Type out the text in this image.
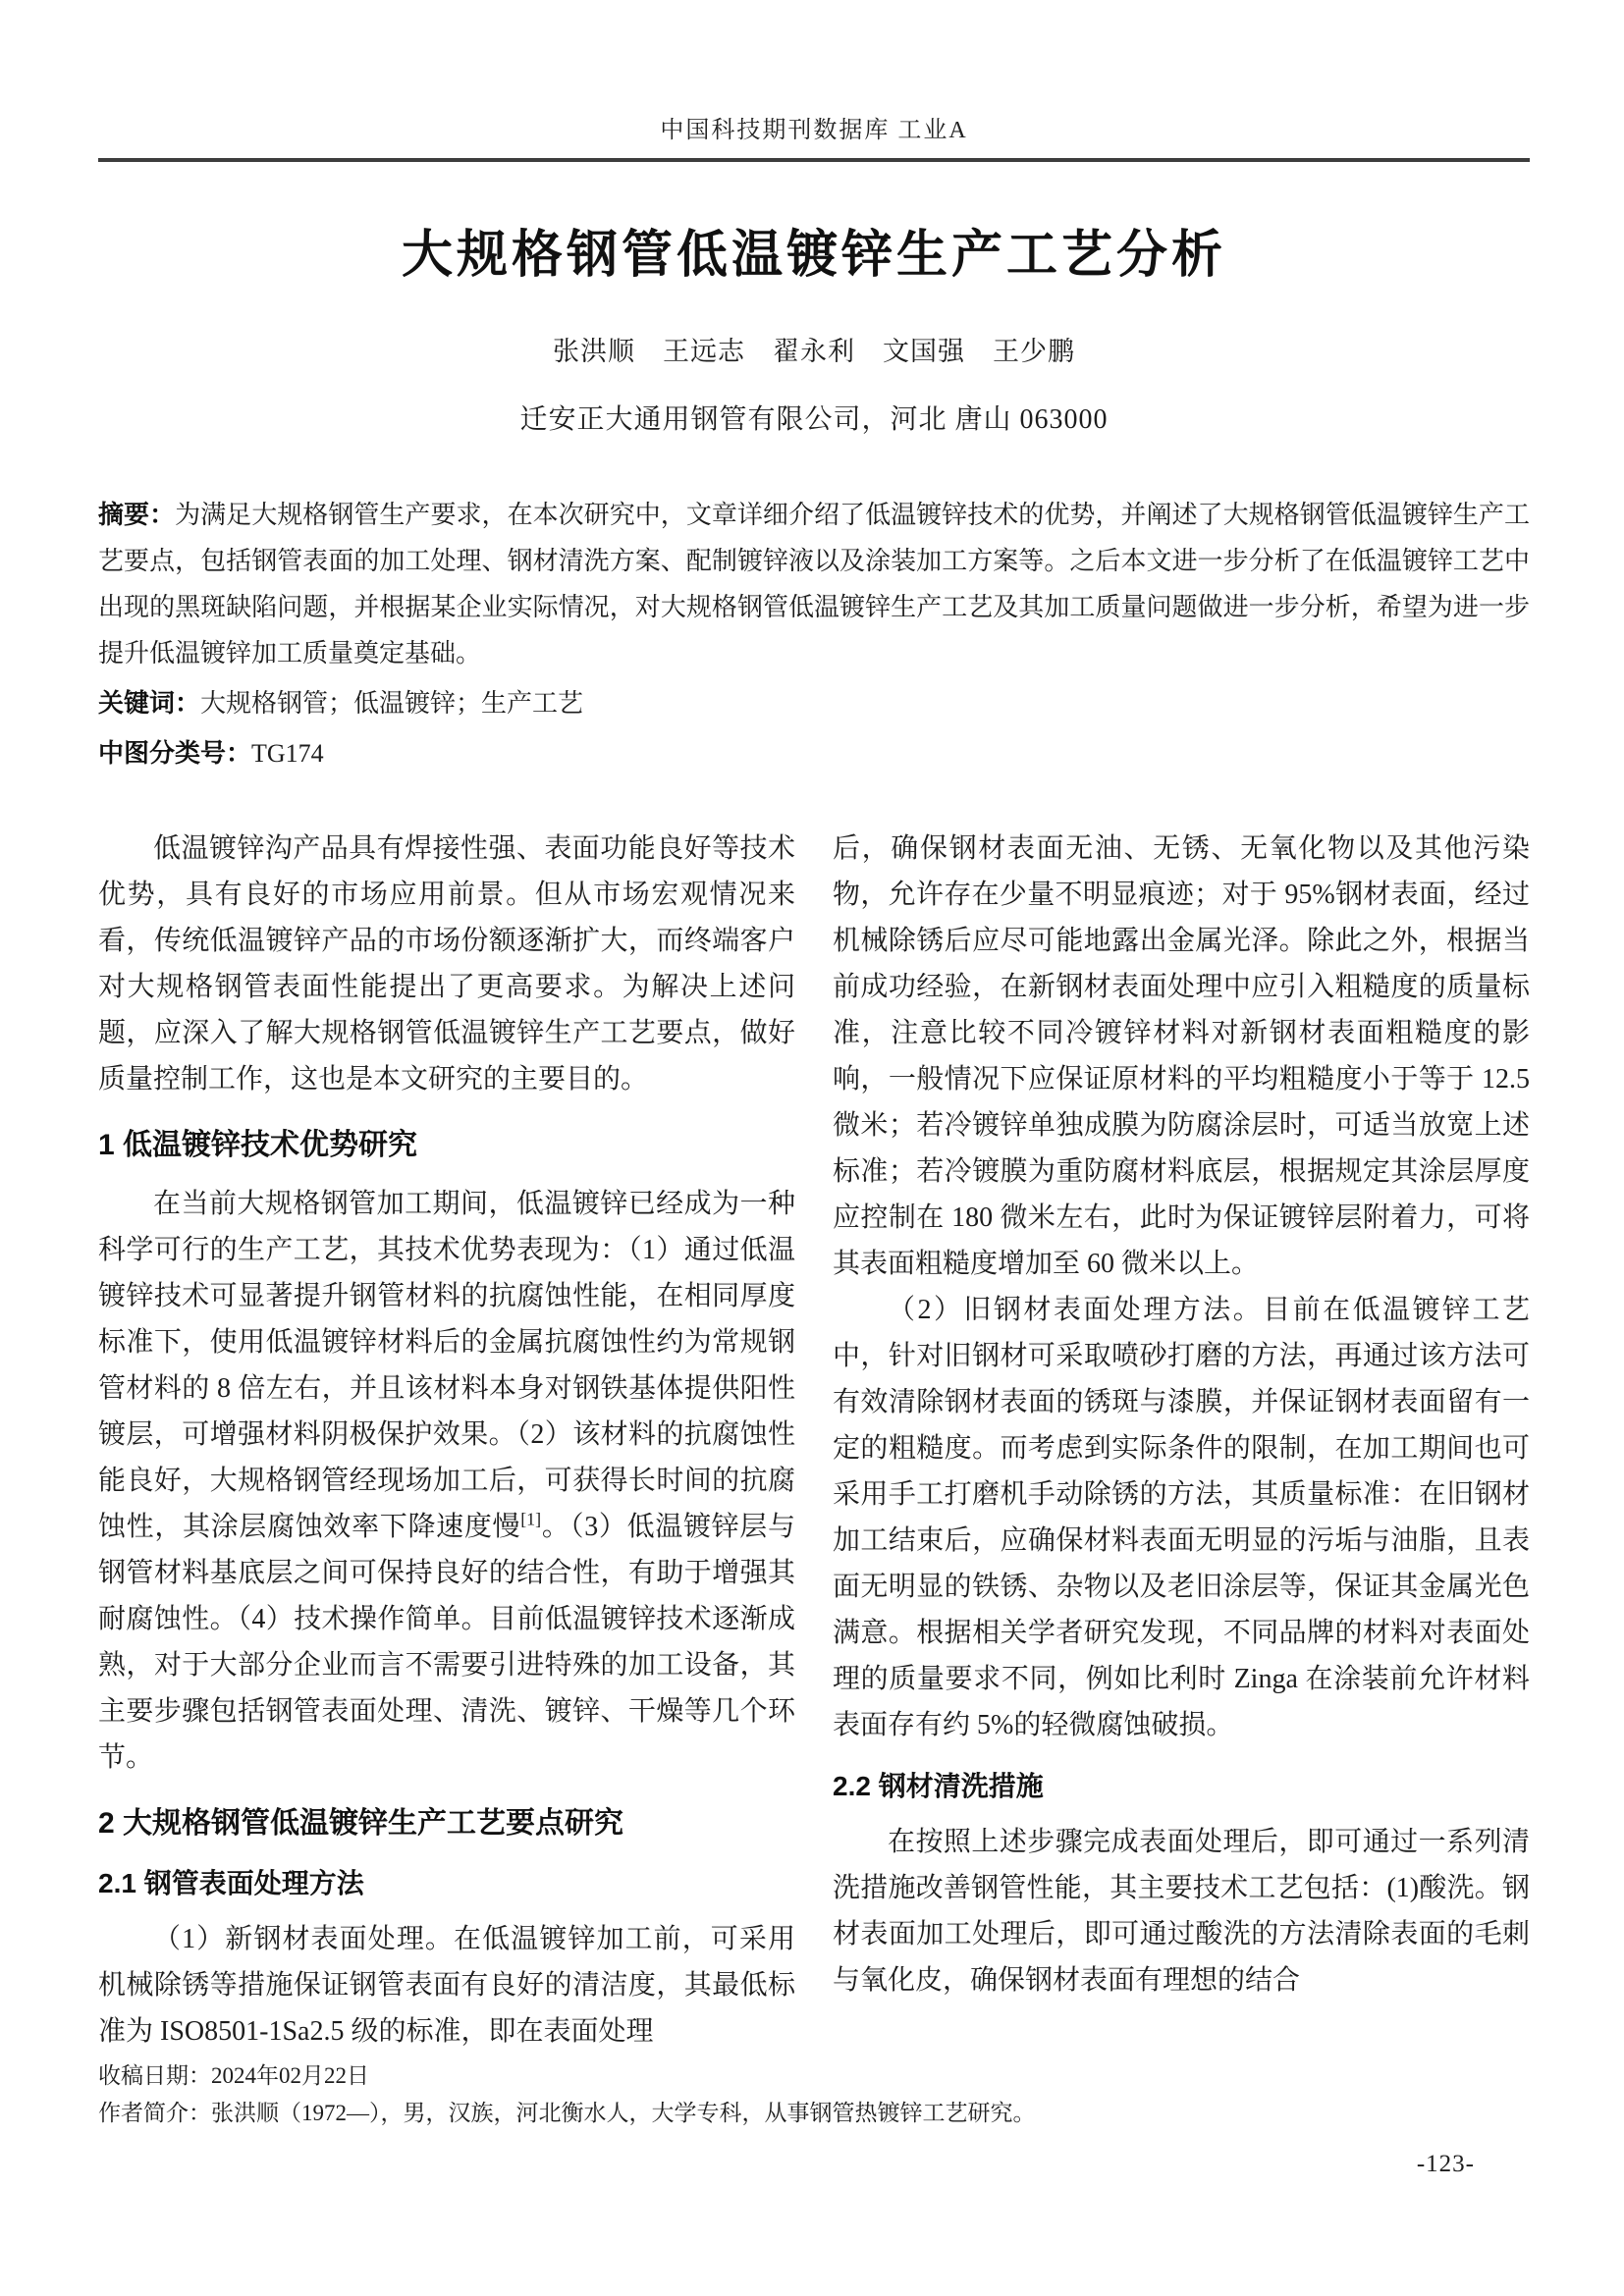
中国科技期刊数据库 工业A
大规格钢管低温镀锌生产工艺分析
张洪顺　王远志　翟永利　文国强　王少鹏
迁安正大通用钢管有限公司，河北 唐山 063000
摘要：为满足大规格钢管生产要求，在本次研究中，文章详细介绍了低温镀锌技术的优势，并阐述了大规格钢管低温镀锌生产工艺要点，包括钢管表面的加工处理、钢材清洗方案、配制镀锌液以及涂装加工方案等。之后本文进一步分析了在低温镀锌工艺中出现的黑斑缺陷问题，并根据某企业实际情况，对大规格钢管低温镀锌生产工艺及其加工质量问题做进一步分析，希望为进一步提升低温镀锌加工质量奠定基础。
关键词：大规格钢管；低温镀锌；生产工艺
中图分类号：TG174

低温镀锌沟产品具有焊接性强、表面功能良好等技术优势，具有良好的市场应用前景。但从市场宏观情况来看，传统低温镀锌产品的市场份额逐渐扩大，而终端客户对大规格钢管表面性能提出了更高要求。为解决上述问题，应深入了解大规格钢管低温镀锌生产工艺要点，做好质量控制工作，这也是本文研究的主要目的。

1 低温镀锌技术优势研究

在当前大规格钢管加工期间，低温镀锌已经成为一种科学可行的生产工艺，其技术优势表现为：（1）通过低温镀锌技术可显著提升钢管材料的抗腐蚀性能，在相同厚度标准下，使用低温镀锌材料后的金属抗腐蚀性约为常规钢管材料的 8 倍左右，并且该材料本身对钢铁基体提供阳性镀层，可增强材料阴极保护效果。（2）该材料的抗腐蚀性能良好，大规格钢管经现场加工后，可获得长时间的抗腐蚀性，其涂层腐蚀效率下降速度慢[1]。（3）低温镀锌层与钢管材料基底层之间可保持良好的结合性，有助于增强其耐腐蚀性。（4）技术操作简单。目前低温镀锌技术逐渐成熟，对于大部分企业而言不需要引进特殊的加工设备，其主要步骤包括钢管表面处理、清洗、镀锌、干燥等几个环节。

2 大规格钢管低温镀锌生产工艺要点研究
2.1 钢管表面处理方法

（1）新钢材表面处理。在低温镀锌加工前，可采用机械除锈等措施保证钢管表面有良好的清洁度，其最低标准为 ISO8501-1Sa2.5 级的标准，即在表面处理

后，确保钢材表面无油、无锈、无氧化物以及其他污染物，允许存在少量不明显痕迹；对于 95%钢材表面，经过机械除锈后应尽可能地露出金属光泽。除此之外，根据当前成功经验，在新钢材表面处理中应引入粗糙度的质量标准，注意比较不同冷镀锌材料对新钢材表面粗糙度的影响，一般情况下应保证原材料的平均粗糙度小于等于 12.5 微米；若冷镀锌单独成膜为防腐涂层时，可适当放宽上述标准；若冷镀膜为重防腐材料底层，根据规定其涂层厚度应控制在 180 微米左右，此时为保证镀锌层附着力，可将其表面粗糙度增加至 60 微米以上。

（2）旧钢材表面处理方法。目前在低温镀锌工艺中，针对旧钢材可采取喷砂打磨的方法，再通过该方法可有效清除钢材表面的锈斑与漆膜，并保证钢材表面留有一定的粗糙度。而考虑到实际条件的限制，在加工期间也可采用手工打磨机手动除锈的方法，其质量标准：在旧钢材加工结束后，应确保材料表面无明显的污垢与油脂，且表面无明显的铁锈、杂物以及老旧涂层等，保证其金属光色满意。根据相关学者研究发现，不同品牌的材料对表面处理的质量要求不同，例如比利时 Zinga 在涂装前允许材料表面存有约 5%的轻微腐蚀破损。

2.2 钢材清洗措施

在按照上述步骤完成表面处理后，即可通过一系列清洗措施改善钢管性能，其主要技术工艺包括：(1)酸洗。钢材表面加工处理后，即可通过酸洗的方法清除表面的毛刺与氧化皮，确保钢材表面有理想的结合

收稿日期：2024年02月22日
作者简介：张洪顺（1972—），男，汉族，河北衡水人，大学专科，从事钢管热镀锌工艺研究。
-123-
